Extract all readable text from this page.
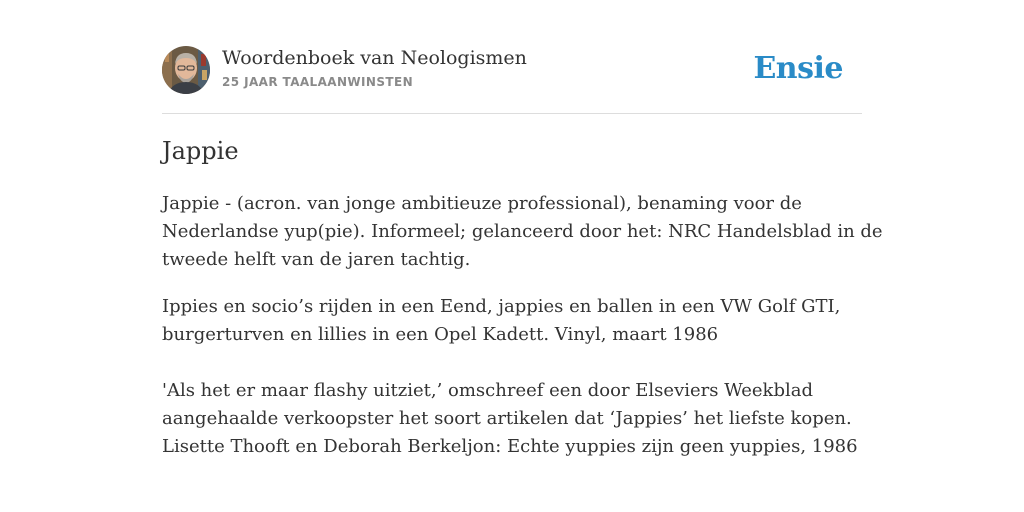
Woordenboek van Neologismen
25 JAAR TAALAANWINSTEN	Ensie
Jappie

Jappie - (acron. van jonge ambitieuze professional), benaming voor de
Nederlandse yup(pie). Informeel; gelanceerd door het: NRC Handelsblad in de
tweede helft van de jaren tachtig.

Ippies en socio’s rijden in een Eend, jappies en ballen in een VW Golf GTI,
burgerturven en lillies in een Opel Kadett. Vinyl, maart 1986

'Als het er maar flashy uitziet,’ omschreef een door Elseviers Weekblad
aangehaalde verkoopster het soort artikelen dat ‘Jappies’ het liefste kopen.
Lisette Thooft en Deborah Berkeljon: Echte yuppies zijn geen yuppies, 1986
